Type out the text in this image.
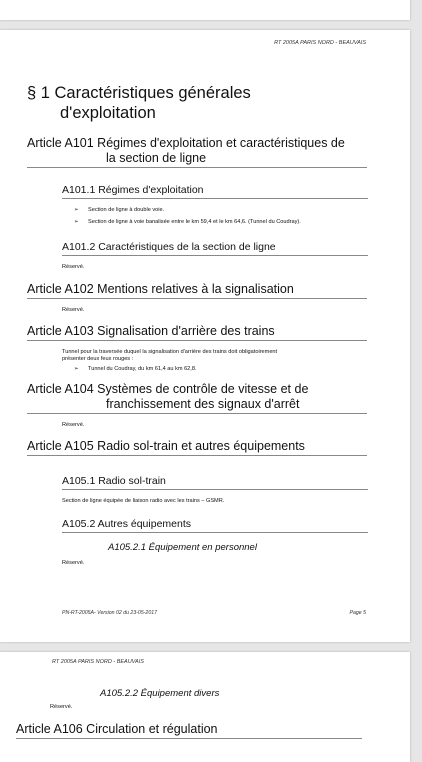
RT 2005A PARIS NORD - BEAUVAIS
§ 1 Caractéristiques générales
d'exploitation
Article A101 Régimes d'exploitation et caractéristiques de
la section de ligne
A101.1 Régimes d'exploitation
➢ Section de ligne à double voie.
➢ Section de ligne à voie banalisée entre le km 59,4 et le km 64,6. (Tunnel du Coudray).
A101.2 Caractéristiques de la section de ligne
Réservé.
Article A102 Mentions relatives à la signalisation
Réservé.
Article A103 Signalisation d'arrière des trains
Tunnel pour la traversée duquel la signalisation d'arrière des trains doit obligatoirement
présenter deux feux rouges :
➢ Tunnel du Coudray, du km 61,4 au km 62,8.
Article A104 Systèmes de contrôle de vitesse et de
franchissement des signaux d'arrêt
Réservé.
Article A105 Radio sol-train et autres équipements
A105.1 Radio sol-train
Section de ligne équipée de liaison radio avec les trains – GSMR.
A105.2 Autres équipements
A105.2.1 Équipement en personnel
Réservé.
PN-RT-2005A- Version 02 du 23-05-2017	Page 5
RT 2005A PARIS NORD - BEAUVAIS
A105.2.2 Équipement divers
Réservé.
Article A106 Circulation et régulation
